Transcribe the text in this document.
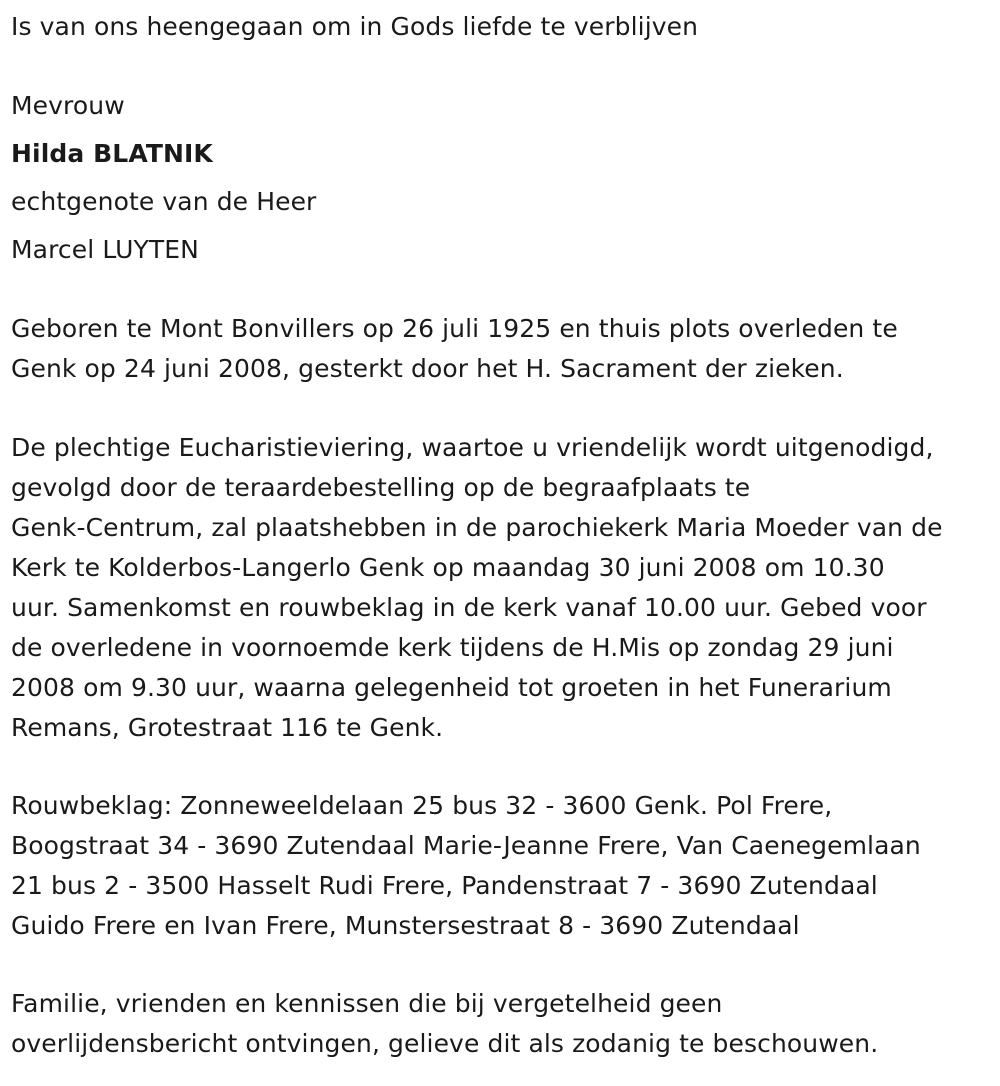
Is van ons heengegaan om in Gods liefde te verblijven
Mevrouw
Hilda BLATNIK
echtgenote van de Heer
Marcel LUYTEN
Geboren te Mont Bonvillers op 26 juli 1925 en thuis plots overleden te
Genk op 24 juni 2008, gesterkt door het H. Sacrament der zieken.
De plechtige Eucharistieviering, waartoe u vriendelijk wordt uitgenodigd,
gevolgd door de teraardebestelling op de begraafplaats te
Genk-Centrum, zal plaatshebben in de parochiekerk Maria Moeder van de
Kerk te Kolderbos-Langerlo Genk op maandag 30 juni 2008 om 10.30
uur. Samenkomst en rouwbeklag in de kerk vanaf 10.00 uur. Gebed voor
de overledene in voornoemde kerk tijdens de H.Mis op zondag 29 juni
2008 om 9.30 uur, waarna gelegenheid tot groeten in het Funerarium
Remans, Grotestraat 116 te Genk.
Rouwbeklag: Zonneweeldelaan 25 bus 32 - 3600 Genk. Pol Frere,
Boogstraat 34 - 3690 Zutendaal Marie-Jeanne Frere, Van Caenegemlaan
21 bus 2 - 3500 Hasselt Rudi Frere, Pandenstraat 7 - 3690 Zutendaal
Guido Frere en Ivan Frere, Munstersestraat 8 - 3690 Zutendaal
Familie, vrienden en kennissen die bij vergetelheid geen
overlijdensbericht ontvingen, gelieve dit als zodanig te beschouwen.
